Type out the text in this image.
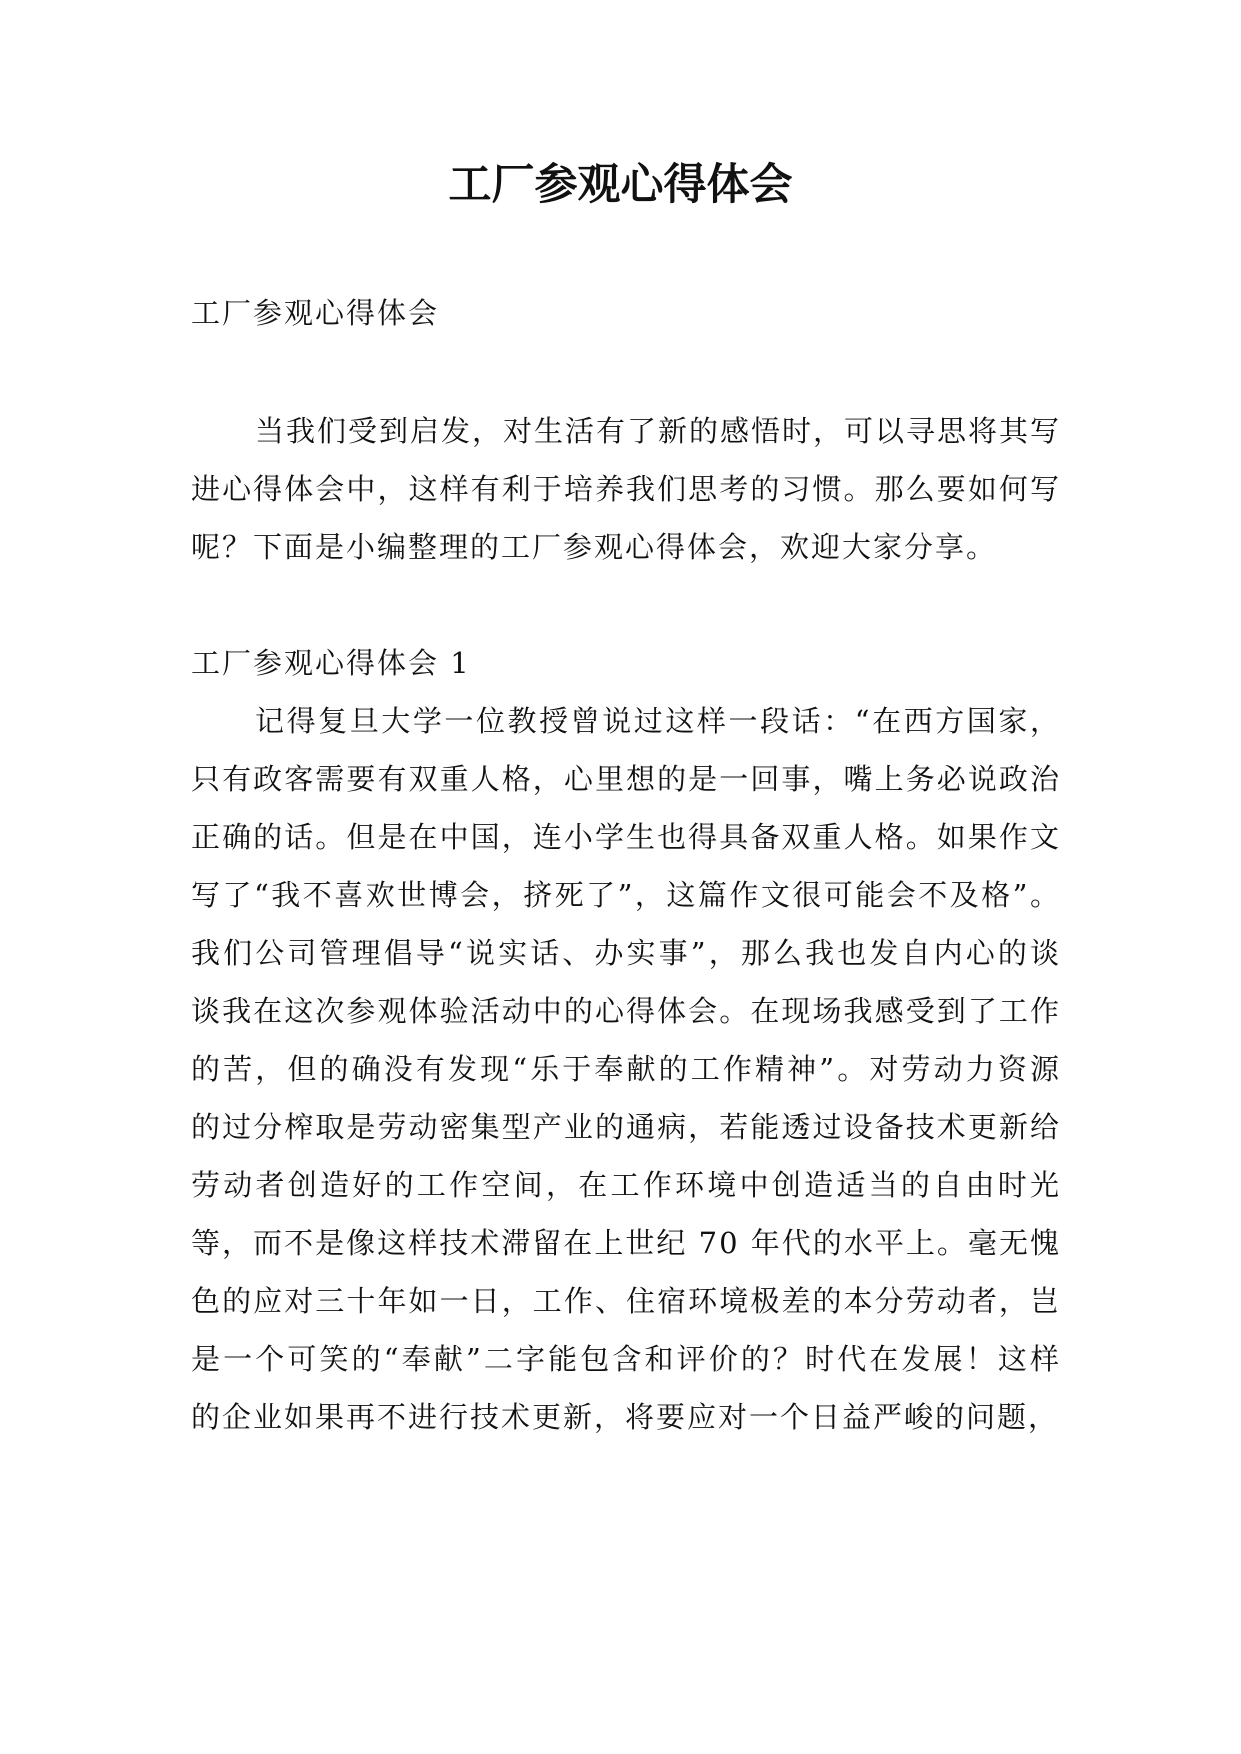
工厂参观心得体会

工厂参观心得体会

当我们受到启发，对生活有了新的感悟时，可以寻思将其写进心得体会中，这样有利于培养我们思考的习惯。那么要如何写呢？下面是小编整理的工厂参观心得体会，欢迎大家分享。

工厂参观心得体会 1

记得复旦大学一位教授曾说过这样一段话：“在西方国家，只有政客需要有双重人格，心里想的是一回事，嘴上务必说政治正确的话。但是在中国，连小学生也得具备双重人格。如果作文写了“我不喜欢世博会，挤死了”，这篇作文很可能会不及格”。我们公司管理倡导“说实话、办实事”，那么我也发自内心的谈谈我在这次参观体验活动中的心得体会。在现场我感受到了工作的苦，但的确没有发现“乐于奉献的工作精神”。对劳动力资源的过分榨取是劳动密集型产业的通病，若能透过设备技术更新给劳动者创造好的工作空间，在工作环境中创造适当的自由时光等，而不是像这样技术滞留在上世纪 70 年代的水平上。毫无愧色的应对三十年如一日，工作、住宿环境极差的本分劳动者，岂是一个可笑的“奉献”二字能包含和评价的？时代在发展！这样的企业如果再不进行技术更新，将要应对一个日益严峻的问题，
